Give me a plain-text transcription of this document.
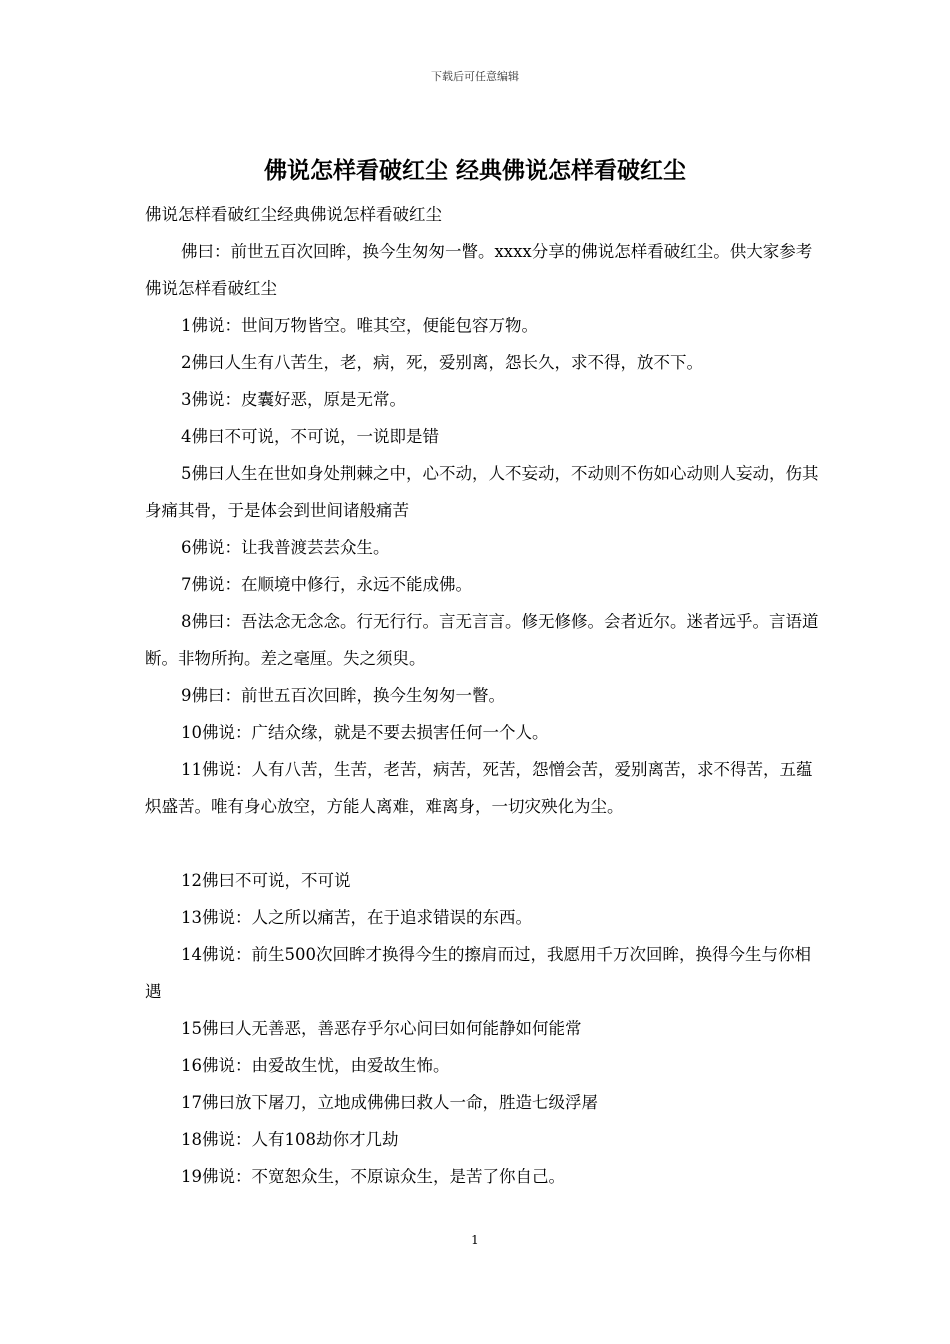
下载后可任意编辑
佛说怎样看破红尘 经典佛说怎样看破红尘

佛说怎样看破红尘经典佛说怎样看破红尘

佛曰：前世五百次回眸，换今生匆匆一瞥。xxxx分享的佛说怎样看破红尘。供大家参考佛说怎样看破红尘

1佛说：世间万物皆空。唯其空，便能包容万物。

2佛曰人生有八苦生，老，病，死，爱别离，怨长久，求不得，放不下。

3佛说：皮囊好恶，原是无常。

4佛曰不可说，不可说，一说即是错

5佛曰人生在世如身处荆棘之中，心不动，人不妄动，不动则不伤如心动则人妄动，伤其身痛其骨，于是体会到世间诸般痛苦

6佛说：让我普渡芸芸众生。

7佛说：在顺境中修行，永远不能成佛。

8佛曰：吾法念无念念。行无行行。言无言言。修无修修。会者近尔。迷者远乎。言语道断。非物所拘。差之毫厘。失之须臾。

9佛曰：前世五百次回眸，换今生匆匆一瞥。

10佛说：广结众缘，就是不要去损害任何一个人。

11佛说：人有八苦，生苦，老苦，病苦，死苦，怨憎会苦，爱别离苦，求不得苦，五蕴炽盛苦。唯有身心放空，方能人离难，难离身，一切灾殃化为尘。

12佛曰不可说，不可说

13佛说：人之所以痛苦，在于追求错误的东西。

14佛说：前生500次回眸才换得今生的擦肩而过，我愿用千万次回眸，换得今生与你相遇

15佛曰人无善恶，善恶存乎尔心问曰如何能静如何能常

16佛说：由爱故生忧，由爱故生怖。

17佛曰放下屠刀，立地成佛佛曰救人一命，胜造七级浮屠

18佛说：人有108劫你才几劫

19佛说：不宽恕众生，不原谅众生，是苦了你自己。

1
